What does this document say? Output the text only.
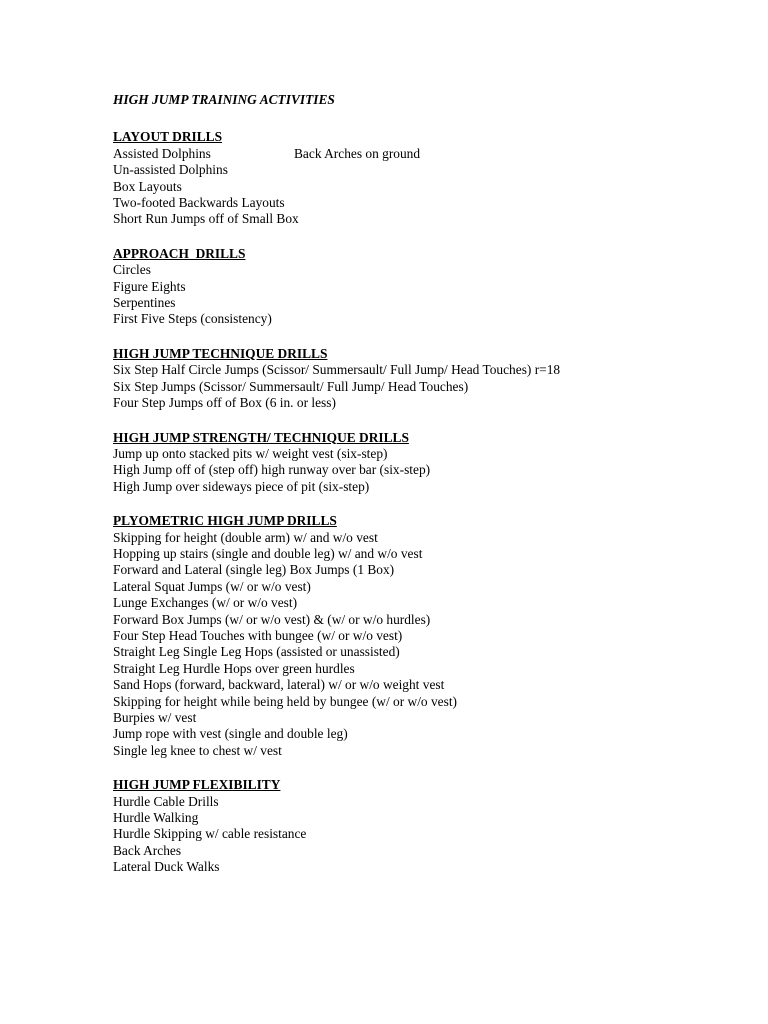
HIGH JUMP TRAINING ACTIVITIES
LAYOUT DRILLS
Assisted Dolphins	Back Arches on ground
Un-assisted Dolphins
Box Layouts
Two-footed Backwards Layouts
Short Run Jumps off of Small Box
APPROACH  DRILLS
Circles
Figure Eights
Serpentines
First Five Steps (consistency)
HIGH JUMP TECHNIQUE DRILLS
Six Step Half Circle Jumps (Scissor/ Summersault/ Full Jump/ Head Touches) r=18
Six Step Jumps (Scissor/ Summersault/ Full Jump/ Head Touches)
Four Step Jumps off of Box (6 in. or less)
HIGH JUMP STRENGTH/ TECHNIQUE DRILLS
Jump up onto stacked pits w/ weight vest (six-step)
High Jump off of (step off) high runway over bar (six-step)
High Jump over sideways piece of pit (six-step)
PLYOMETRIC HIGH JUMP DRILLS
Skipping for height (double arm) w/ and w/o vest
Hopping up stairs (single and double leg) w/ and w/o vest
Forward and Lateral (single leg) Box Jumps (1 Box)
Lateral Squat Jumps (w/ or w/o vest)
Lunge Exchanges (w/ or w/o vest)
Forward Box Jumps (w/ or w/o vest) & (w/ or w/o hurdles)
Four Step Head Touches with bungee (w/ or w/o vest)
Straight Leg Single Leg Hops (assisted or unassisted)
Straight Leg Hurdle Hops over green hurdles
Sand Hops (forward, backward, lateral) w/ or w/o weight vest
Skipping for height while being held by bungee (w/ or w/o vest)
Burpies w/ vest
Jump rope with vest (single and double leg)
Single leg knee to chest w/ vest
HIGH JUMP FLEXIBILITY
Hurdle Cable Drills
Hurdle Walking
Hurdle Skipping w/ cable resistance
Back Arches
Lateral Duck Walks
